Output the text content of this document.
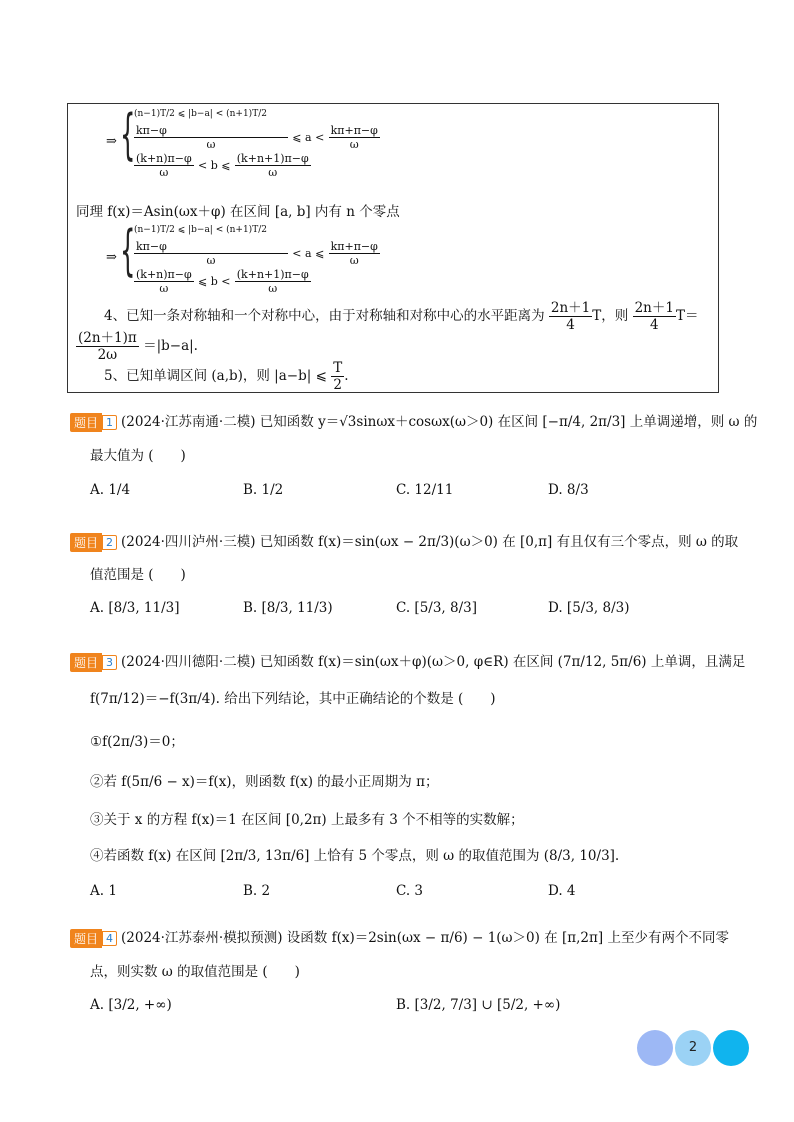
⇒ {
(n−1)T/2 ⩽ |b−a| < (n+1)T/2
$\frac{k\pi-\varphi}{\omega}$ ⩽ $a < \frac{k\pi+\pi-\varphi}{\omega}$
$\frac{(k+n)\pi-\varphi}{\omega} < b$ ⩽ $\frac{(k+n+1)\pi-\varphi}{\omega}$
同理 f(x)＝Asin(ωx＋φ) 在区间 [a, b] 内有 n 个零点
⇒ {
(n−1)T/2 ⩽ |b−a| < (n+1)T/2
$\frac{k\pi-\varphi}{\omega} < a$ ⩽ $\frac{k\pi+\pi-\varphi}{\omega}$
$\frac{(k+n)\pi-\varphi}{\omega}$ ⩽ $b < \frac{(k+n+1)\pi-\varphi}{\omega}$
4、已知一条对称轴和一个对称中心，由于对称轴和对称中心的水平距离为 $\frac{2n+1}{4}$ T，则 $\frac{2n+1}{4} T=$
$\frac{(2n+1)\pi}{2\omega} =|b-a|$.
5、已知单调区间 (a,b)，则 |a−b| ⩽ $\frac{T}{2}$ .
题目 1 (2024·江苏南通·二模) 已知函数 y＝√3sinωx＋cosωx(ω＞0) 在区间 [−π/4, 2π/3] 上单调递增，则 ω 的
最大值为 (　　)
A. 1/4	B. 1/2	C. 12/11	D. 8/3
题目 2 (2024·四川泸州·三模) 已知函数 f(x)＝sin(ωx − 2π/3)(ω＞0) 在 [0,π] 有且仅有三个零点，则 ω 的取
值范围是 (　　)
A. [8/3, 11/3]	B. [8/3, 11/3)	C. [5/3, 8/3]	D. [5/3, 8/3)
题目 3 (2024·四川德阳·二模) 已知函数 f(x)＝sin(ωx＋φ)(ω＞0, φ∈R) 在区间 (7π/12, 5π/6) 上单调，且满足
f(7π/12)＝−f(3π/4). 给出下列结论，其中正确结论的个数是 (　　)
①f(2π/3)＝0；
②若 f(5π/6 − x)＝f(x)，则函数 f(x) 的最小正周期为 π；
③关于 x 的方程 f(x)＝1 在区间 [0,2π) 上最多有 3 个不相等的实数解；
④若函数 f(x) 在区间 [2π/3, 13π/6] 上恰有 5 个零点，则 ω 的取值范围为 (8/3, 10/3].
A. 1	B. 2	C. 3	D. 4
题目 4 (2024·江苏泰州·模拟预测) 设函数 f(x)＝2sin(ωx − π/6) − 1(ω＞0) 在 [π,2π] 上至少有两个不同零
点，则实数 ω 的取值范围是 (　　)
A. [3/2, +∞)	B. [3/2, 7/3] ∪ [5/2, +∞)
2
